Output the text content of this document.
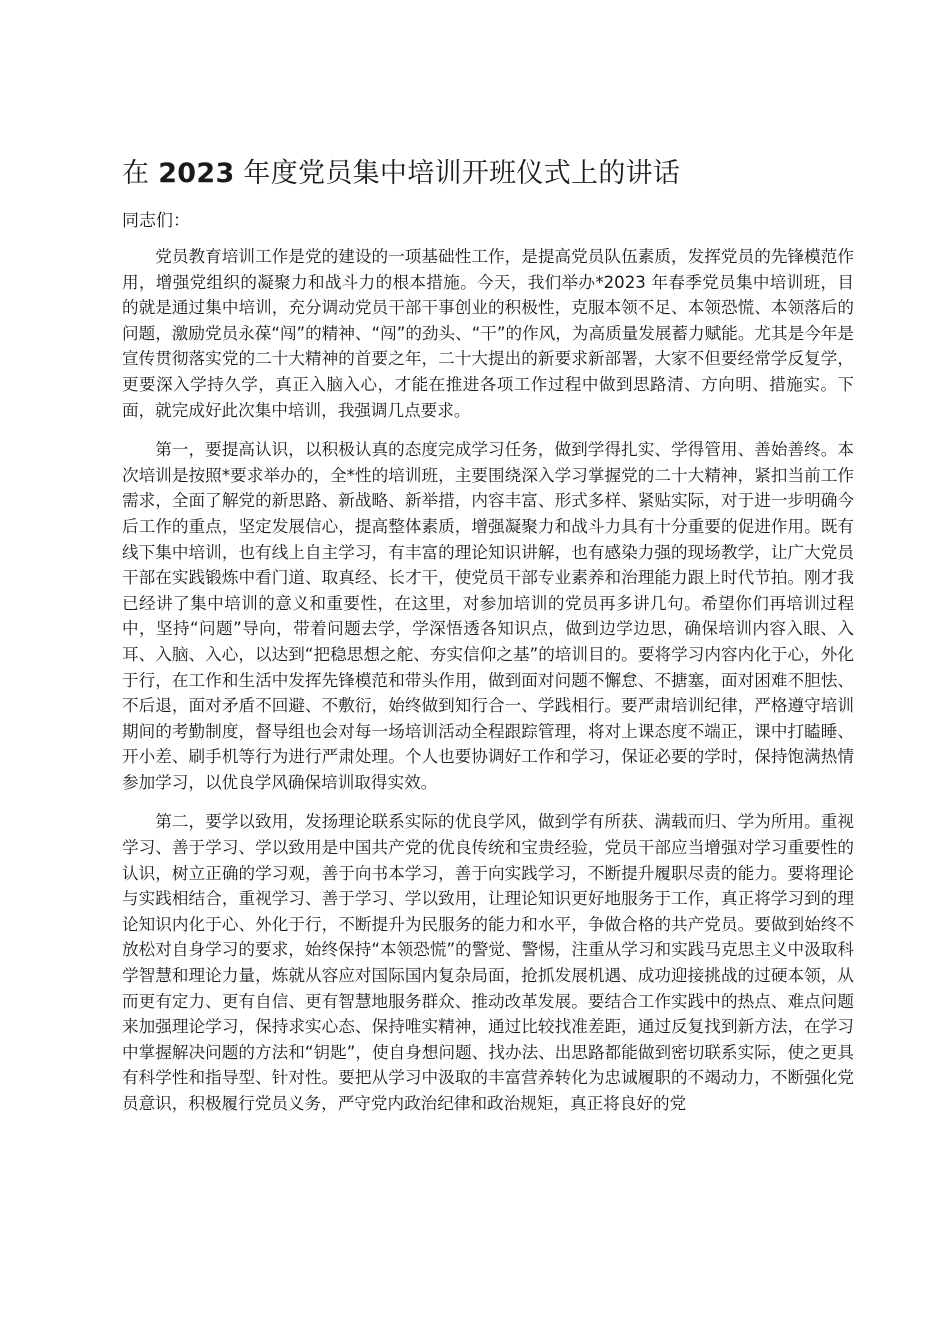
在 2023 年度党员集中培训开班仪式上的讲话

同志们：

党员教育培训工作是党的建设的一项基础性工作，是提高党员队伍素质，发挥党员的先锋模范作用，增强党组织的凝聚力和战斗力的根本措施。今天，我们举办*2023 年春季党员集中培训班，目的就是通过集中培训，充分调动党员干部干事创业的积极性，克服本领不足、本领恐慌、本领落后的问题，激励党员永葆“闯”的精神、“闯”的劲头、“干”的作风，为高质量发展蓄力赋能。尤其是今年是宣传贯彻落实党的二十大精神的首要之年，二十大提出的新要求新部署，大家不但要经常学反复学，更要深入学持久学，真正入脑入心，才能在推进各项工作过程中做到思路清、方向明、措施实。下面，就完成好此次集中培训，我强调几点要求。

第一，要提高认识，以积极认真的态度完成学习任务，做到学得扎实、学得管用、善始善终。本次培训是按照*要求举办的，全*性的培训班，主要围绕深入学习掌握党的二十大精神，紧扣当前工作需求，全面了解党的新思路、新战略、新举措，内容丰富、形式多样、紧贴实际，对于进一步明确今后工作的重点，坚定发展信心，提高整体素质，增强凝聚力和战斗力具有十分重要的促进作用。既有线下集中培训，也有线上自主学习，有丰富的理论知识讲解，也有感染力强的现场教学，让广大党员干部在实践锻炼中看门道、取真经、长才干，使党员干部专业素养和治理能力跟上时代节拍。刚才我已经讲了集中培训的意义和重要性，在这里，对参加培训的党员再多讲几句。希望你们再培训过程中，坚持“问题”导向，带着问题去学，学深悟透各知识点，做到边学边思，确保培训内容入眼、入耳、入脑、入心，以达到“把稳思想之舵、夯实信仰之基”的培训目的。要将学习内容内化于心，外化于行，在工作和生活中发挥先锋模范和带头作用，做到面对问题不懈怠、不搪塞，面对困难不胆怯、不后退，面对矛盾不回避、不敷衍，始终做到知行合一、学践相行。要严肃培训纪律，严格遵守培训期间的考勤制度，督导组也会对每一场培训活动全程跟踪管理，将对上课态度不端正，课中打瞌睡、开小差、刷手机等行为进行严肃处理。个人也要协调好工作和学习，保证必要的学时，保持饱满热情参加学习，以优良学风确保培训取得实效。

第二，要学以致用，发扬理论联系实际的优良学风，做到学有所获、满载而归、学为所用。重视学习、善于学习、学以致用是中国共产党的优良传统和宝贵经验，党员干部应当增强对学习重要性的认识，树立正确的学习观，善于向书本学习，善于向实践学习，不断提升履职尽责的能力。要将理论与实践相结合，重视学习、善于学习、学以致用，让理论知识更好地服务于工作，真正将学习到的理论知识内化于心、外化于行，不断提升为民服务的能力和水平，争做合格的共产党员。要做到始终不放松对自身学习的要求，始终保持“本领恐慌”的警觉、警惕，注重从学习和实践马克思主义中汲取科学智慧和理论力量，炼就从容应对国际国内复杂局面，抢抓发展机遇、成功迎接挑战的过硬本领，从而更有定力、更有自信、更有智慧地服务群众、推动改革发展。要结合工作实践中的热点、难点问题来加强理论学习，保持求实心态、保持唯实精神，通过比较找准差距，通过反复找到新方法，在学习中掌握解决问题的方法和“钥匙”，使自身想问题、找办法、出思路都能做到密切联系实际，使之更具有科学性和指导型、针对性。要把从学习中汲取的丰富营养转化为忠诚履职的不竭动力，不断强化党员意识，积极履行党员义务，严守党内政治纪律和政治规矩，真正将良好的党
